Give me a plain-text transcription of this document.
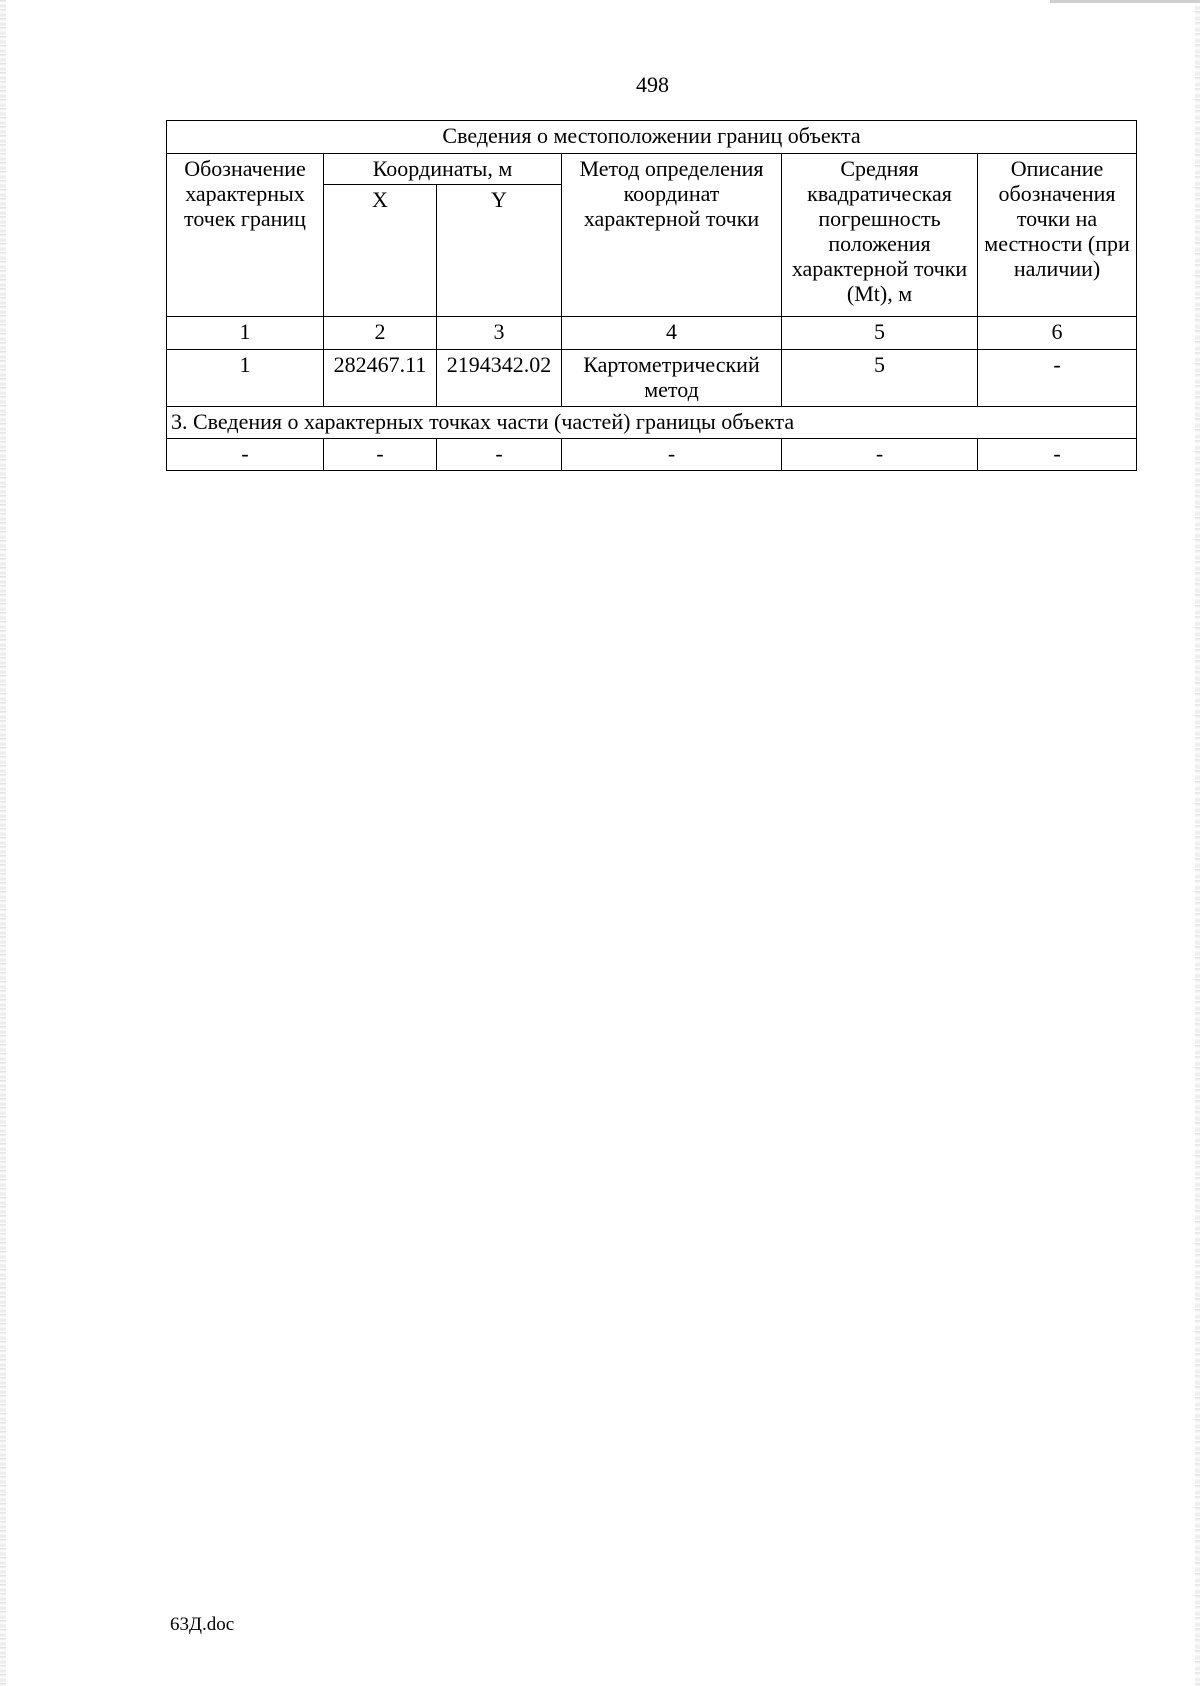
498
Сведения о местоположении границ объекта					
Обозначение характерных точек границ	Координаты, м		Метод определения координат характерной точки	Средняя квадратическая погрешность положения характерной точки (Mt), м	Описание обозначения точки на местности (при наличии)
	X	Y			
1	2	3	4	5	6
1	282467.11	2194342.02	Картометрический метод	5	-
3. Сведения о характерных точках части (частей) границы объекта					
-	-	-	-	-	-
63Д.doc
